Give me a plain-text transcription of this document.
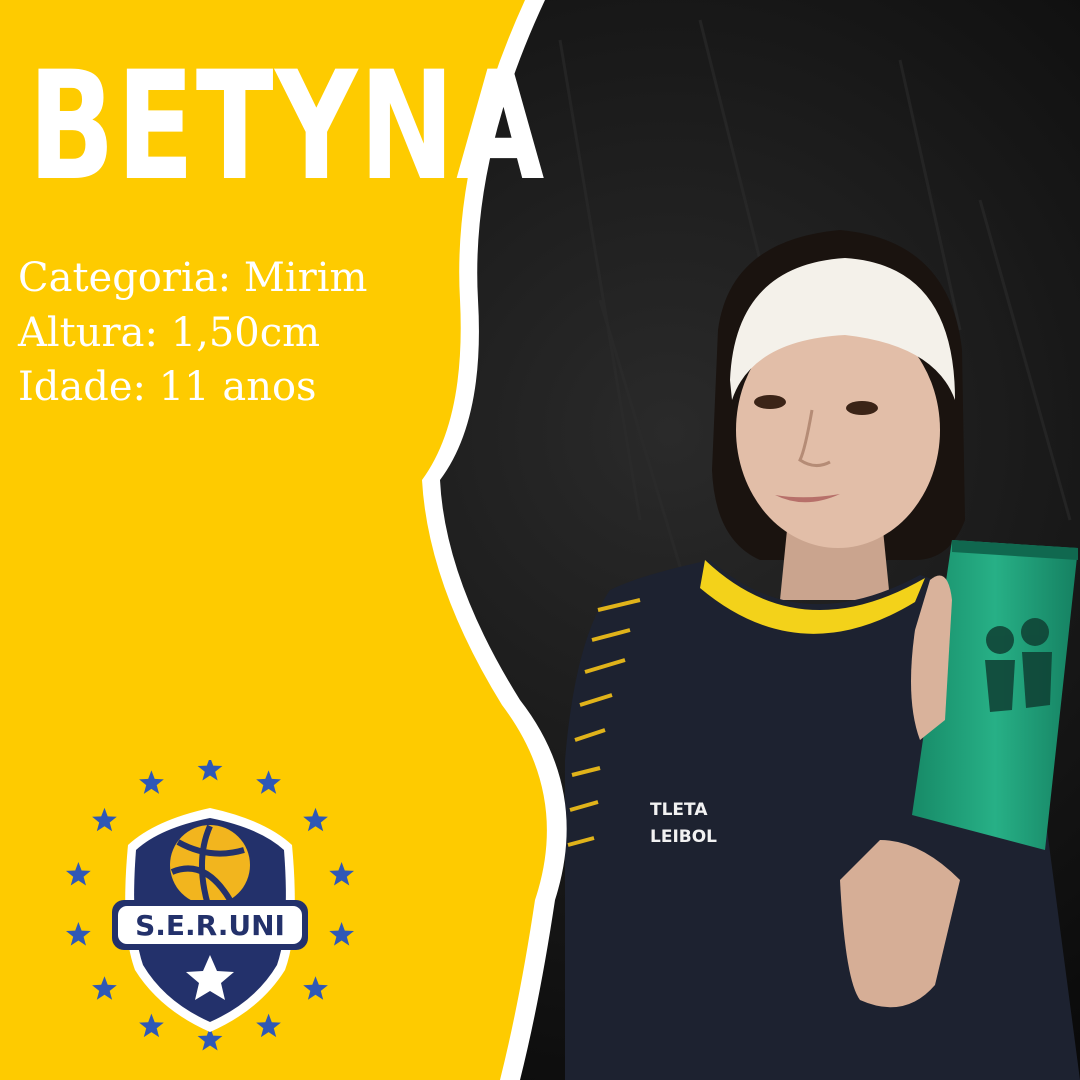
TLETA
LEIBOL
BETYNA

Categoria: Mirim

Altura: 1,50cm

Idade: 11 anos

S.E.R.UNI
